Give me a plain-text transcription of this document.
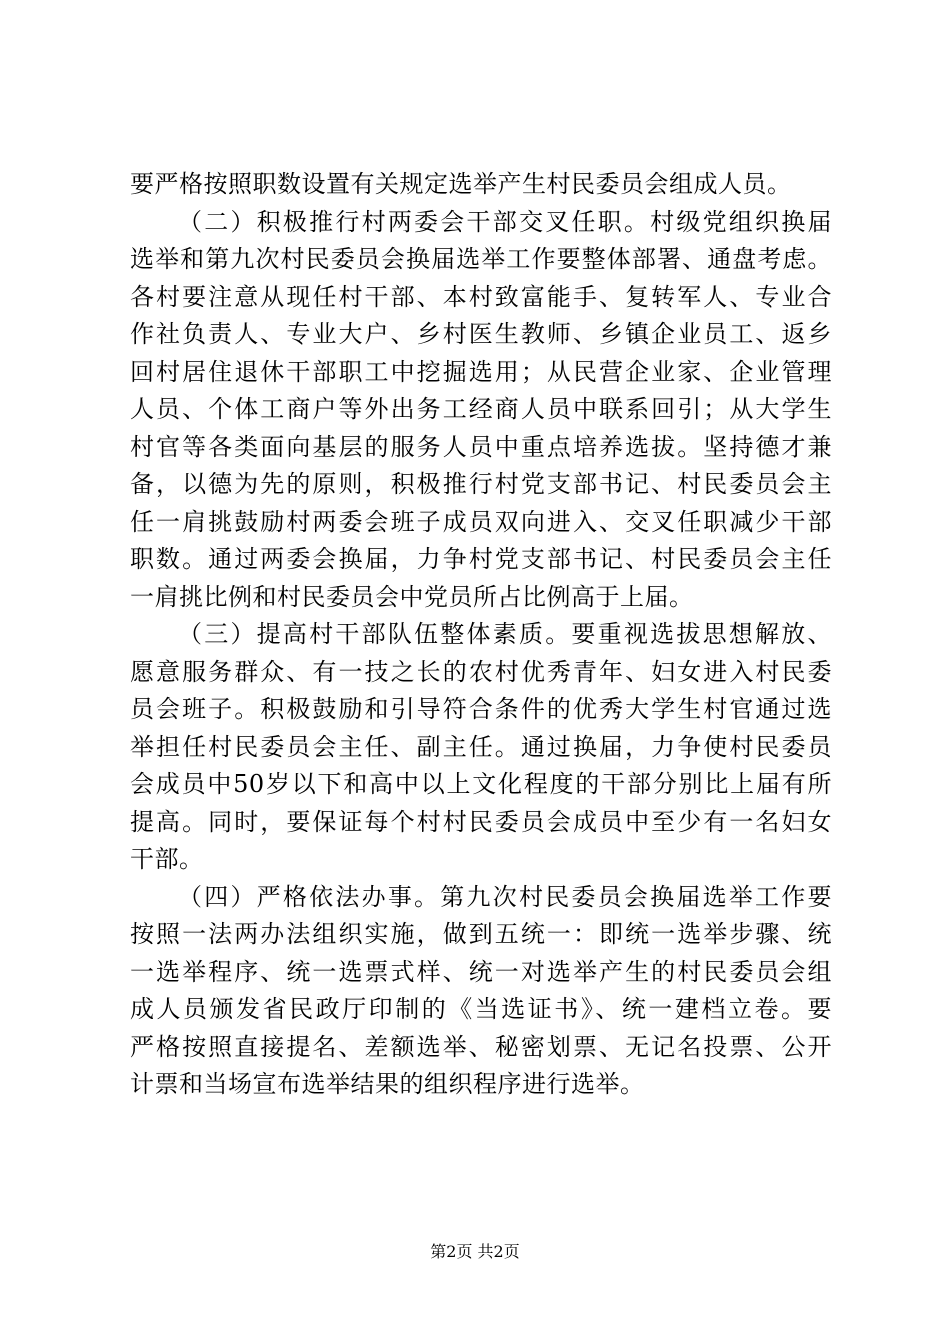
要严格按照职数设置有关规定选举产生村民委员会组成人员。
（二）积极推行村两委会干部交叉任职。村级党组织换届
选举和第九次村民委员会换届选举工作要整体部署、通盘考虑。
各村要注意从现任村干部、本村致富能手、复转军人、专业合
作社负责人、专业大户、乡村医生教师、乡镇企业员工、返乡
回村居住退休干部职工中挖掘选用；从民营企业家、企业管理
人员、个体工商户等外出务工经商人员中联系回引；从大学生
村官等各类面向基层的服务人员中重点培养选拔。坚持德才兼
备，以德为先的原则，积极推行村党支部书记、村民委员会主
任一肩挑鼓励村两委会班子成员双向进入、交叉任职减少干部
职数。通过两委会换届，力争村党支部书记、村民委员会主任
一肩挑比例和村民委员会中党员所占比例高于上届。
（三）提高村干部队伍整体素质。要重视选拔思想解放、
愿意服务群众、有一技之长的农村优秀青年、妇女进入村民委
员会班子。积极鼓励和引导符合条件的优秀大学生村官通过选
举担任村民委员会主任、副主任。通过换届，力争使村民委员
会成员中50岁以下和高中以上文化程度的干部分别比上届有所
提高。同时，要保证每个村村民委员会成员中至少有一名妇女
干部。
（四）严格依法办事。第九次村民委员会换届选举工作要
按照一法两办法组织实施，做到五统一：即统一选举步骤、统
一选举程序、统一选票式样、统一对选举产生的村民委员会组
成人员颁发省民政厅印制的《当选证书》、统一建档立卷。要
严格按照直接提名、差额选举、秘密划票、无记名投票、公开
计票和当场宣布选举结果的组织程序进行选举。
第2页 共2页
